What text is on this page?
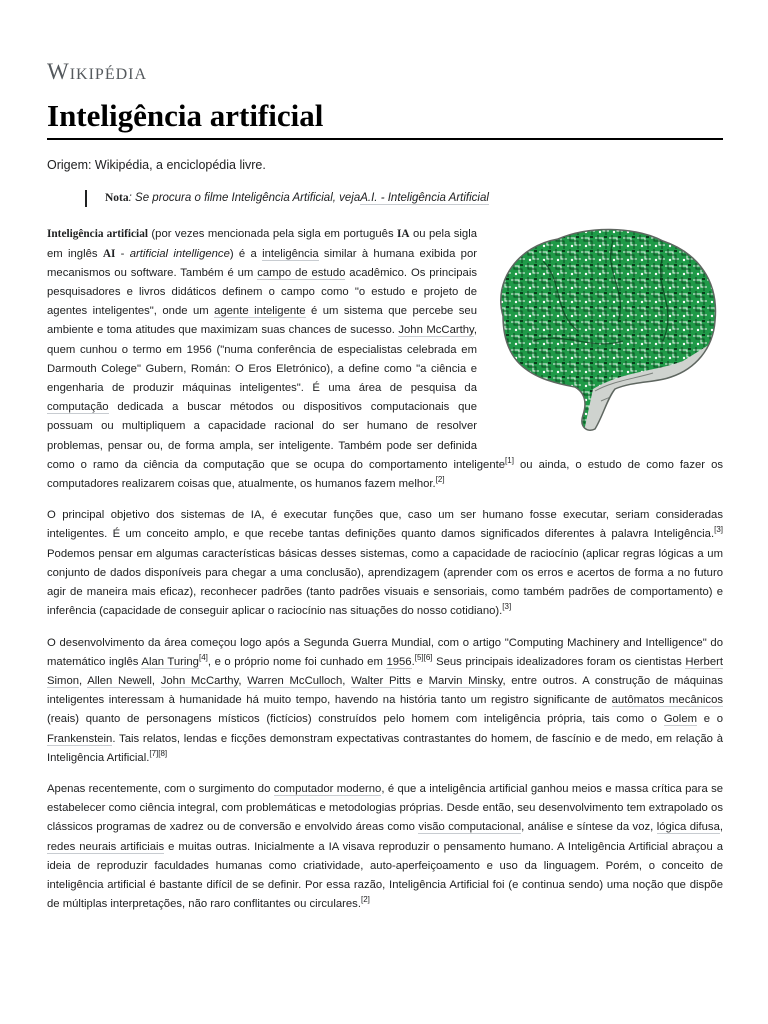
Wikipédia
Inteligência artificial
Origem: Wikipédia, a enciclopédia livre.
Nota: Se procura o filme Inteligência Artificial, vejaA.I. - Inteligência Artificial

Inteligência artificial (por vezes mencionada pela sigla em português IA ou pela sigla em inglês AI - artificial intelligence) é a inteligência similar à humana exibida por mecanismos ou software. Também é um campo de estudo acadêmico. Os principais pesquisadores e livros didáticos definem o campo como "o estudo e projeto de agentes inteligentes", onde um agente inteligente é um sistema que percebe seu ambiente e toma atitudes que maximizam suas chances de sucesso. John McCarthy, quem cunhou o termo em 1956 ("numa conferência de especialistas celebrada em Darmouth Colege" Gubern, Román: O Eros Eletrónico), a define como "a ciência e engenharia de produzir máquinas inteligentes". É uma área de pesquisa da computação dedicada a buscar métodos ou dispositivos computacionais que possuam ou multipliquem a capacidade racional do ser humano de resolver problemas, pensar ou, de forma ampla, ser inteligente. Também pode ser definida como o ramo da ciência da computação que se ocupa do comportamento inteligente[1] ou ainda, o estudo de como fazer os computadores realizarem coisas que, atualmente, os humanos fazem melhor.[2]

O principal objetivo dos sistemas de IA, é executar funções que, caso um ser humano fosse executar, seriam consideradas inteligentes. É um conceito amplo, e que recebe tantas definições quanto damos significados diferentes à palavra Inteligência.[3] Podemos pensar em algumas características básicas desses sistemas, como a capacidade de raciocínio (aplicar regras lógicas a um conjunto de dados disponíveis para chegar a uma conclusão), aprendizagem (aprender com os erros e acertos de forma a no futuro agir de maneira mais eficaz), reconhecer padrões (tanto padrões visuais e sensoriais, como também padrões de comportamento) e inferência (capacidade de conseguir aplicar o raciocínio nas situações do nosso cotidiano).[3]

O desenvolvimento da área começou logo após a Segunda Guerra Mundial, com o artigo "Computing Machinery and Intelligence" do matemático inglês Alan Turing[4], e o próprio nome foi cunhado em 1956.[5][6] Seus principais idealizadores foram os cientistas Herbert Simon, Allen Newell, John McCarthy, Warren McCulloch, Walter Pitts e Marvin Minsky, entre outros. A construção de máquinas inteligentes interessam à humanidade há muito tempo, havendo na história tanto um registro significante de autômatos mecânicos (reais) quanto de personagens místicos (fictícios) construídos pelo homem com inteligência própria, tais como o Golem e o Frankenstein. Tais relatos, lendas e ficções demonstram expectativas contrastantes do homem, de fascínio e de medo, em relação à Inteligência Artificial.[7][8]

Apenas recentemente, com o surgimento do computador moderno, é que a inteligência artificial ganhou meios e massa crítica para se estabelecer como ciência integral, com problemáticas e metodologias próprias. Desde então, seu desenvolvimento tem extrapolado os clássicos programas de xadrez ou de conversão e envolvido áreas como visão computacional, análise e síntese da voz, lógica difusa, redes neurais artificiais e muitas outras. Inicialmente a IA visava reproduzir o pensamento humano. A Inteligência Artificial abraçou a ideia de reproduzir faculdades humanas como criatividade, auto-aperfeiçoamento e uso da linguagem. Porém, o conceito de inteligência artificial é bastante difícil de se definir. Por essa razão, Inteligência Artificial foi (e continua sendo) uma noção que dispõe de múltiplas interpretações, não raro conflitantes ou circulares.[2]
